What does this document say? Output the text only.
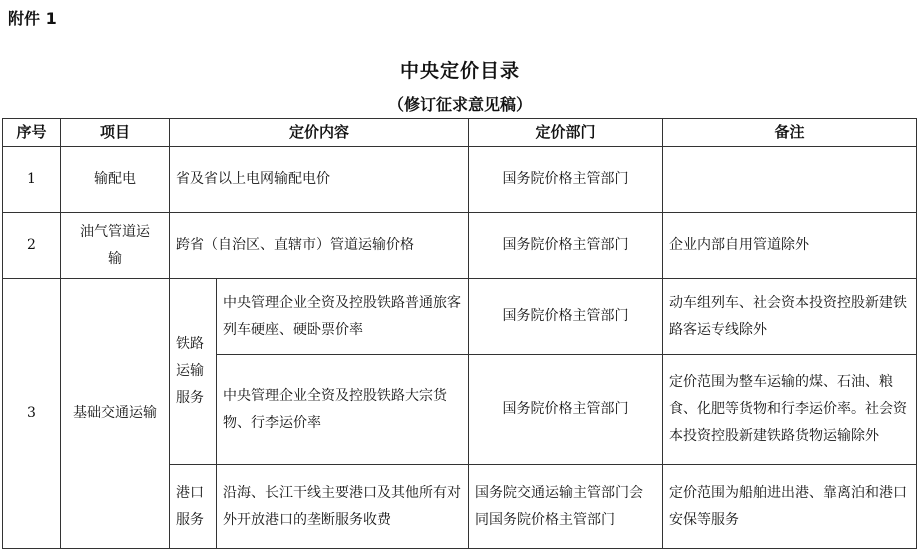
附件 1
中央定价目录
（修订征求意见稿）
序号	项目	定价内容		定价部门	备注
1	输配电	省及省以上电网输配电价		国务院价格主管部门	
2	油气管道运输	跨省（自治区、直辖市）管道运输价格		国务院价格主管部门	企业内部自用管道除外
3	基础交通运输	铁路运输服务	中央管理企业全资及控股铁路普通旅客列车硬座、硬卧票价率	国务院价格主管部门	动车组列车、社会资本投资控股新建铁路客运专线除外
			中央管理企业全资及控股铁路大宗货物、行李运价率	国务院价格主管部门	定价范围为整车运输的煤、石油、粮食、化肥等货物和行李运价率。社会资本投资控股新建铁路货物运输除外
		港口服务	沿海、长江干线主要港口及其他所有对外开放港口的垄断服务收费	国务院交通运输主管部门会同国务院价格主管部门	定价范围为船舶进出港、靠离泊和港口安保等服务
